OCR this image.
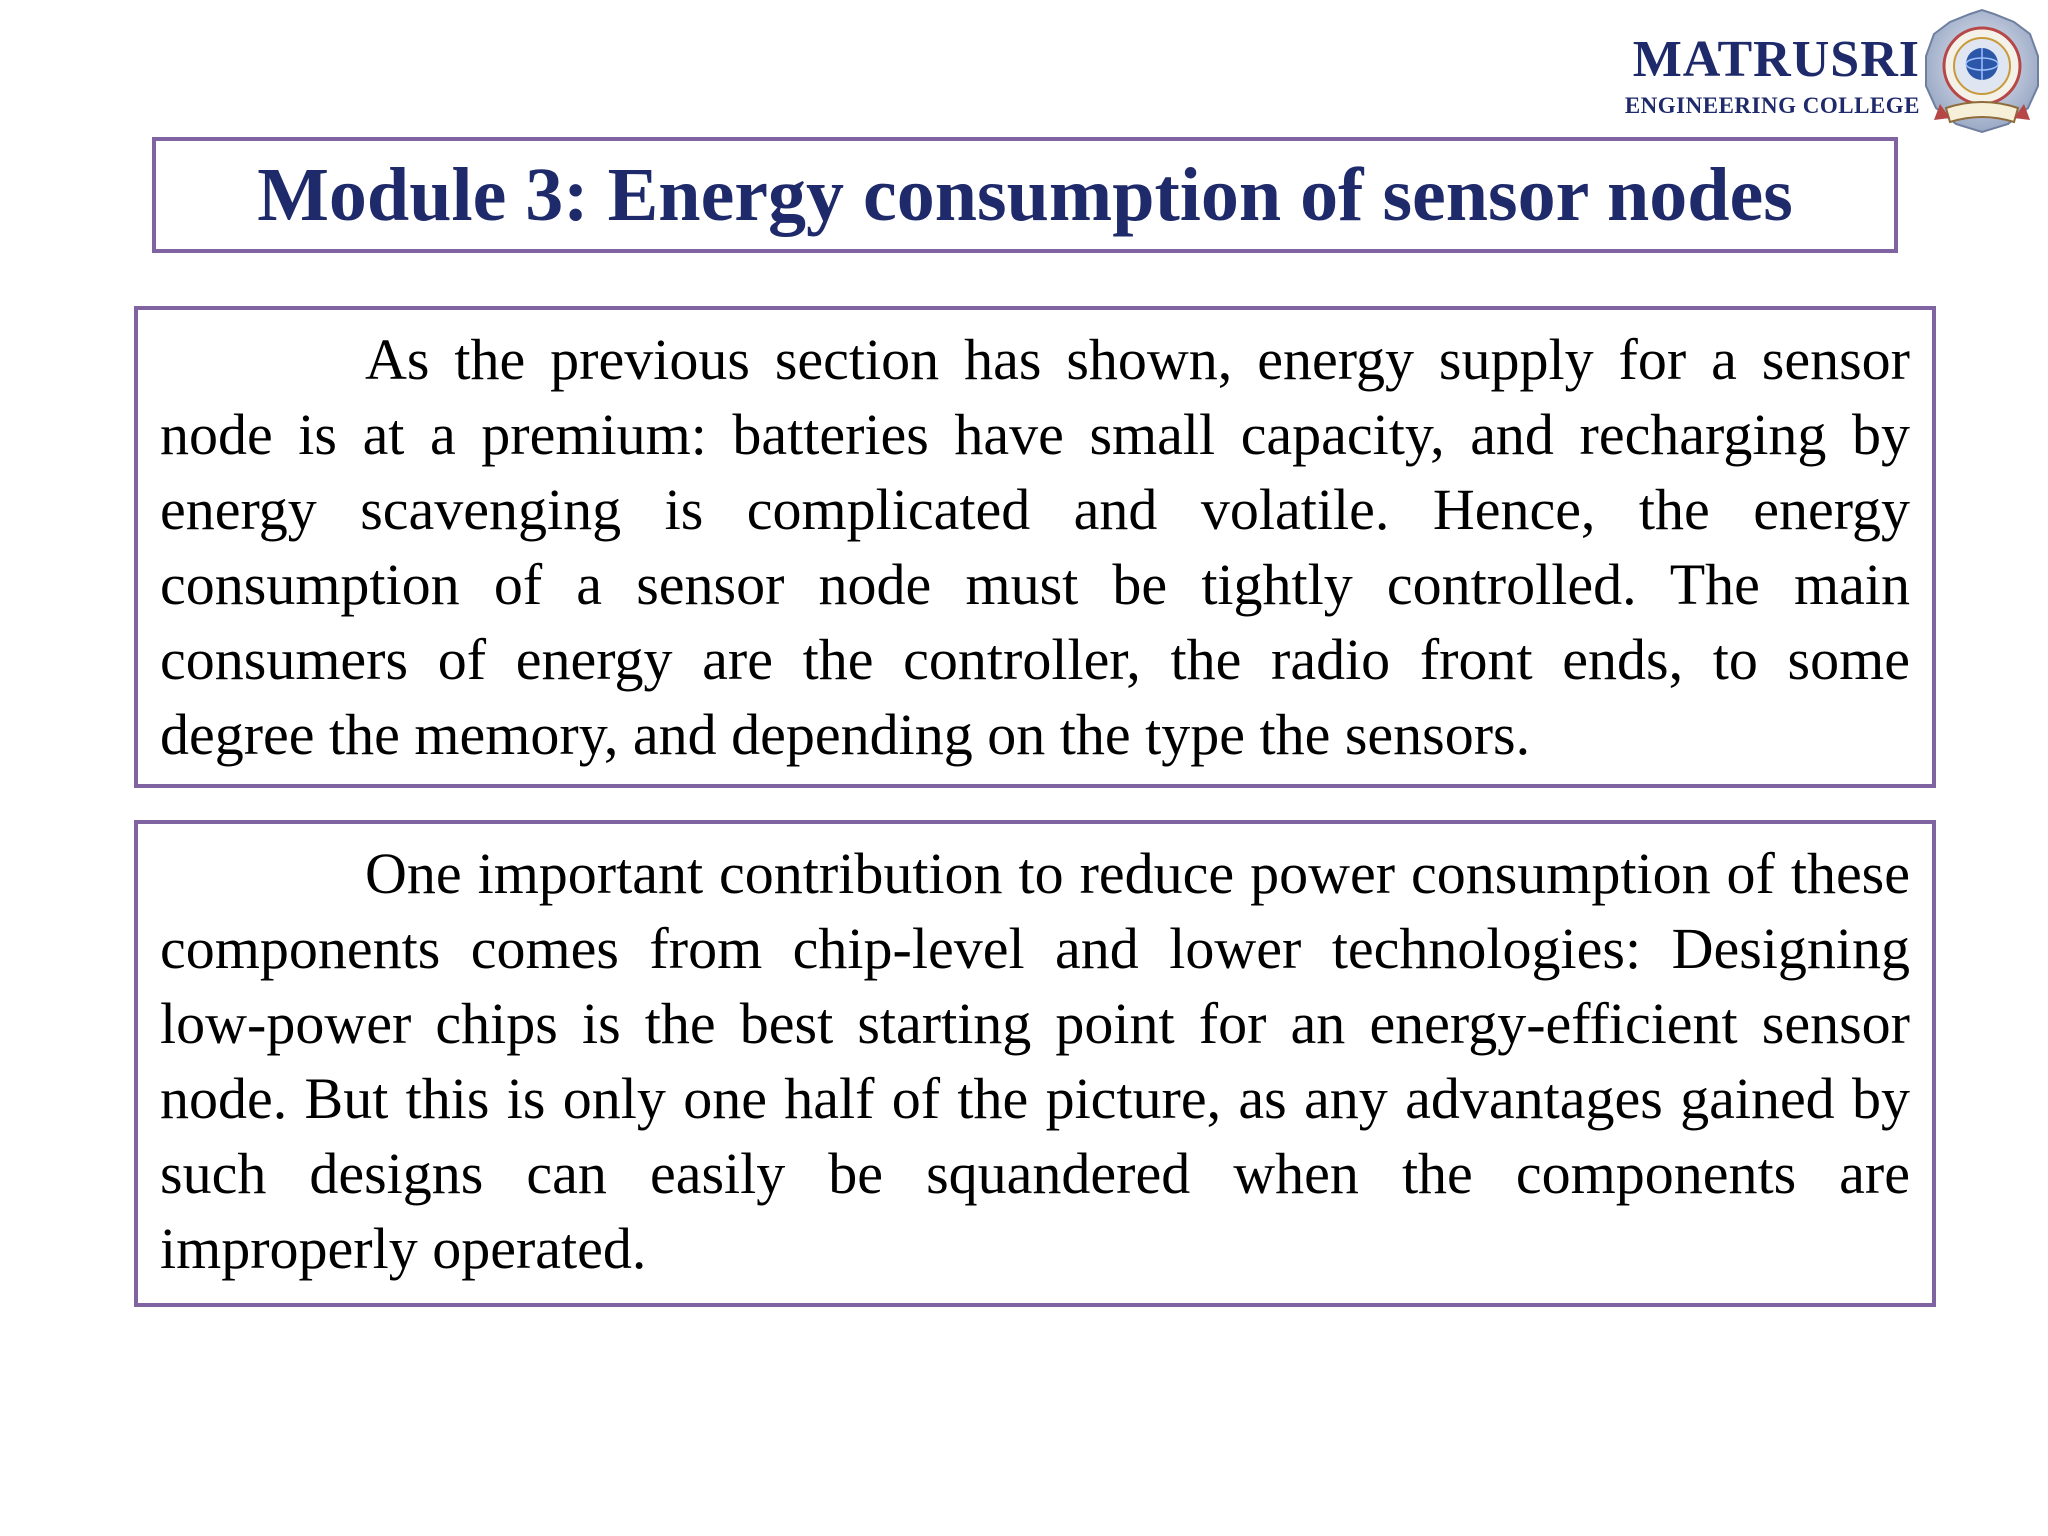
MATRUSRI
ENGINEERING COLLEGE
Module 3: Energy consumption of sensor nodes

As the previous section has shown, energy supply for a sensor node is at a premium: batteries have small capacity, and recharging by energy scavenging is complicated and volatile. Hence, the energy consumption of a sensor node must be tightly controlled. The main consumers of energy are the controller, the radio front ends, to some degree the memory, and depending on the type the sensors.

One important contribution to reduce power consumption of these components comes from chip-level and lower technologies: Designing low-power chips is the best starting point for an energy-efficient sensor node. But this is only one half of the picture, as any advantages gained by such designs can easily be squandered when the components are improperly operated.
